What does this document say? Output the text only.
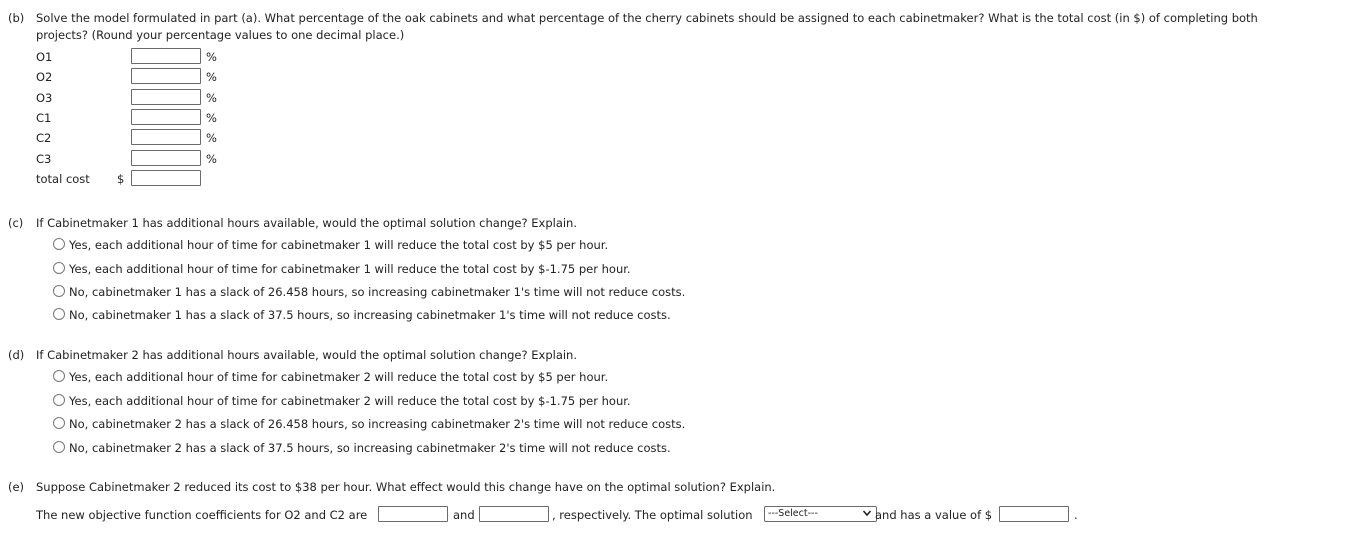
(b) Solve the model formulated in part (a). What percentage of the oak cabinets and what percentage of the cherry cabinets should be assigned to each cabinetmaker? What is the total cost (in $) of completing both
projects? (Round your percentage values to one decimal place.)
O1	%
O2	%
O3	%
C1	%
C2	%
C3	%
total cost $
(c) If Cabinetmaker 1 has additional hours available, would the optimal solution change? Explain.
Yes, each additional hour of time for cabinetmaker 1 will reduce the total cost by $5 per hour.
Yes, each additional hour of time for cabinetmaker 1 will reduce the total cost by $-1.75 per hour.
No, cabinetmaker 1 has a slack of 26.458 hours, so increasing cabinetmaker 1's time will not reduce costs.
No, cabinetmaker 1 has a slack of 37.5 hours, so increasing cabinetmaker 1's time will not reduce costs.
(d) If Cabinetmaker 2 has additional hours available, would the optimal solution change? Explain.
Yes, each additional hour of time for cabinetmaker 2 will reduce the total cost by $5 per hour.
Yes, each additional hour of time for cabinetmaker 2 will reduce the total cost by $-1.75 per hour.
No, cabinetmaker 2 has a slack of 26.458 hours, so increasing cabinetmaker 2's time will not reduce costs.
No, cabinetmaker 2 has a slack of 37.5 hours, so increasing cabinetmaker 2's time will not reduce costs.
(e) Suppose Cabinetmaker 2 reduced its cost to $38 per hour. What effect would this change have on the optimal solution? Explain.
The new objective function coefficients for O2 and C2 are	and	, respectively. The optimal solution	---Select---	and has a value of $	.
